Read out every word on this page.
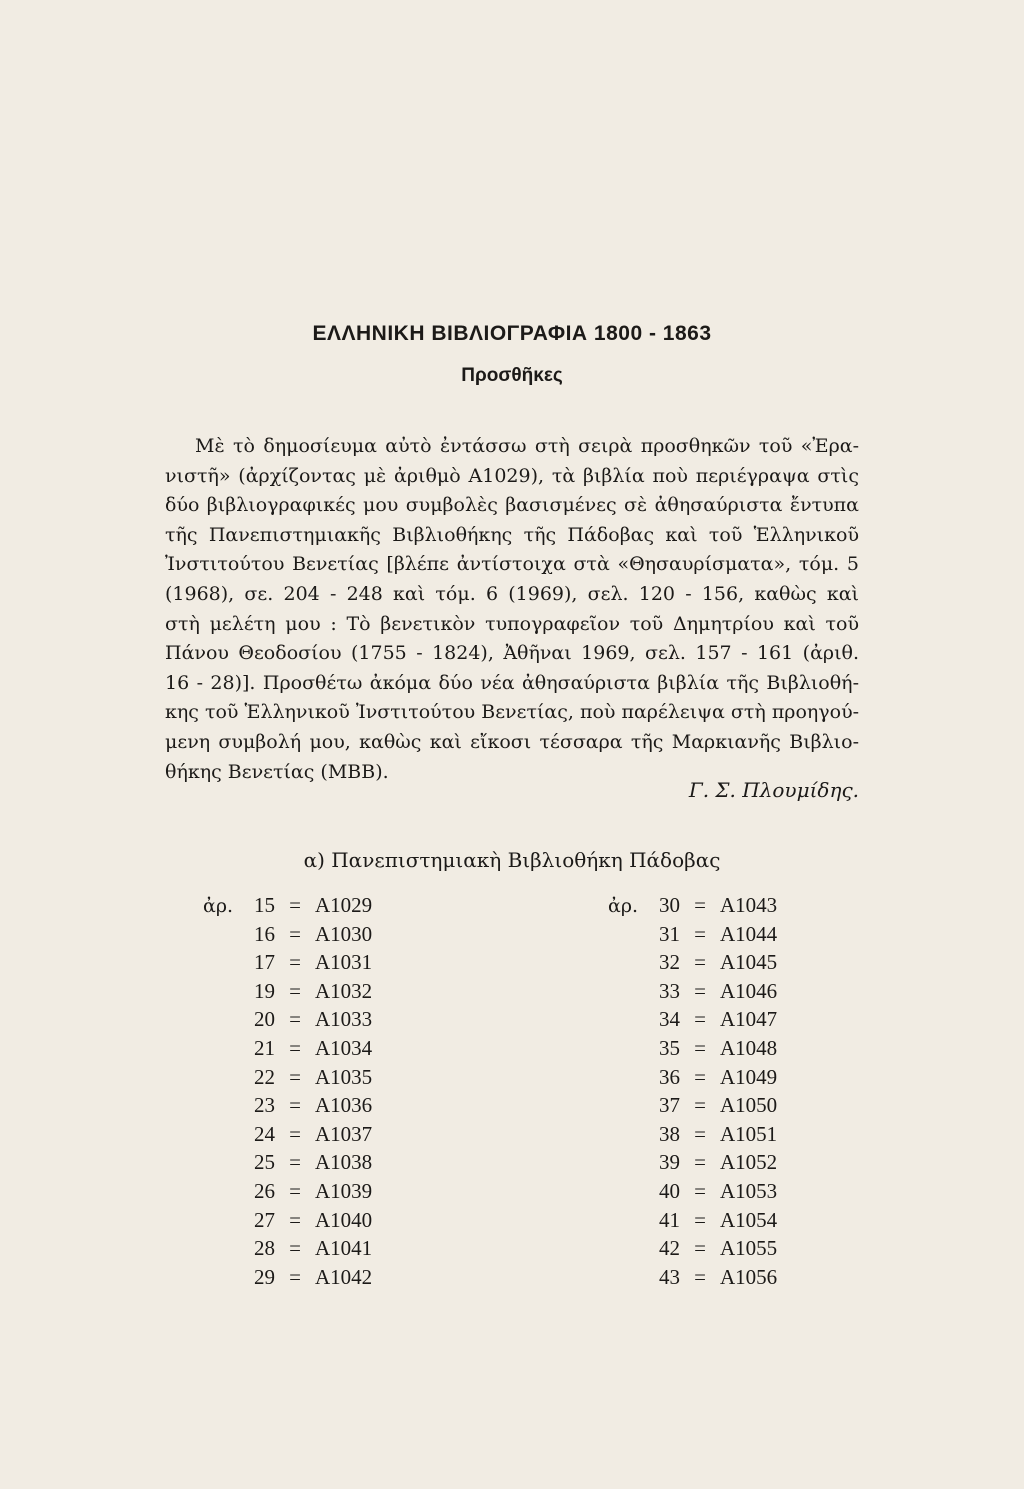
ΕΛΛΗΝΙΚΗ ΒΙΒΛΙΟΓΡΑΦΙΑ 1800 - 1863
Προσθῆκες
Μὲ τὸ δημοσίευμα αὐτὸ ἐντάσσω στὴ σειρὰ προσθηκῶν τοῦ «Ἐρα-
νιστῆ» (ἀρχίζοντας μὲ ἀριθμὸ Α1029), τὰ βιβλία ποὺ περιέγραψα στὶς
δύο βιβλιογραφικές μου συμβολὲς βασισμένες σὲ ἀθησαύριστα ἔντυπα
τῆς Πανεπιστημιακῆς Βιβλιοθήκης τῆς Πάδοβας καὶ τοῦ Ἑλληνικοῦ
Ἰνστιτούτου Βενετίας [βλέπε ἀντίστοιχα στὰ «Θησαυρίσματα», τόμ. 5
(1968), σε. 204 - 248 καὶ τόμ. 6 (1969), σελ. 120 - 156, καθὼς καὶ
στὴ μελέτη μου : Τὸ βενετικὸν τυπογραφεῖον τοῦ Δημητρίου καὶ τοῦ
Πάνου Θεοδοσίου (1755 - 1824), Ἀθῆναι 1969, σελ. 157 - 161 (ἀριθ.
16 - 28)]. Προσθέτω ἀκόμα δύο νέα ἀθησαύριστα βιβλία τῆς Βιβλιοθή-
κης τοῦ Ἑλληνικοῦ Ἰνστιτούτου Βενετίας, ποὺ παρέλειψα στὴ προηγού-
μενη συμβολή μου, καθὼς καὶ εἴκοσι τέσσαρα τῆς Μαρκιανῆς Βιβλιο-
θήκης Βενετίας (ΜΒΒ).
Γ. Σ. Πλουμίδης.
α) Πανεπιστημιακὴ Βιβλιοθήκη Πάδοβας
ἀρ. 15 = Α1029
16 = Α1030
17 = Α1031
19 = Α1032
20 = Α1033
21 = Α1034
22 = Α1035
23 = Α1036
24 = Α1037
25 = Α1038
26 = Α1039
27 = Α1040
28 = Α1041
29 = Α1042
ἀρ. 30 = Α1043
31 = Α1044
32 = Α1045
33 = Α1046
34 = Α1047
35 = Α1048
36 = Α1049
37 = Α1050
38 = Α1051
39 = Α1052
40 = Α1053
41 = Α1054
42 = Α1055
43 = Α1056
